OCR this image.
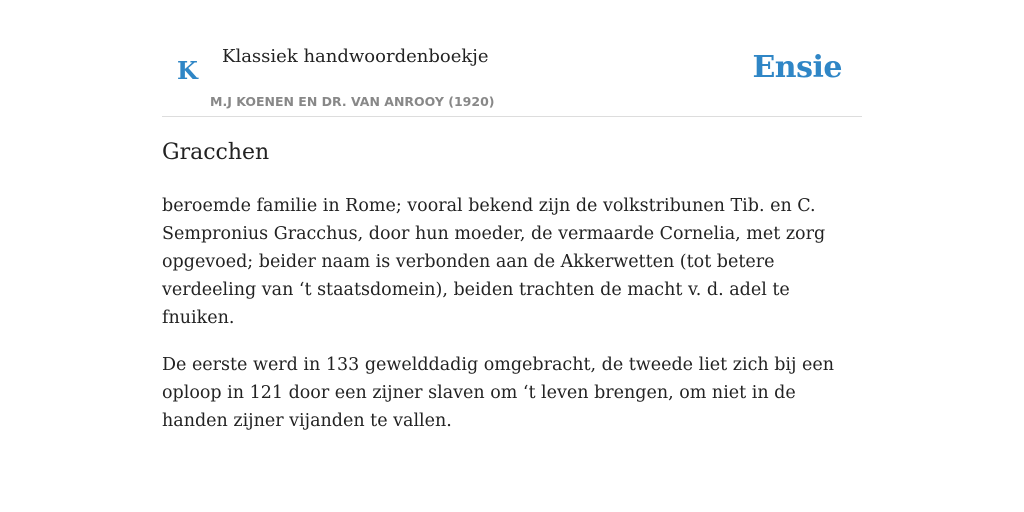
K Klassiek handwoordenboekje
M.J KOENEN EN DR. VAN ANROOY (1920)
Ensie
Gracchen

beroemde familie in Rome; vooral bekend zijn de volkstribunen Tib. en C. Sempronius Gracchus, door hun moeder, de vermaarde Cornelia, met zorg opgevoed; beider naam is verbonden aan de Akkerwetten (tot betere verdeeling van ‘t staatsdomein), beiden trachten de macht v. d. adel te fnuiken.

De eerste werd in 133 gewelddadig omgebracht, de tweede liet zich bij een oploop in 121 door een zijner slaven om ‘t leven brengen, om niet in de handen zijner vijanden te vallen.
